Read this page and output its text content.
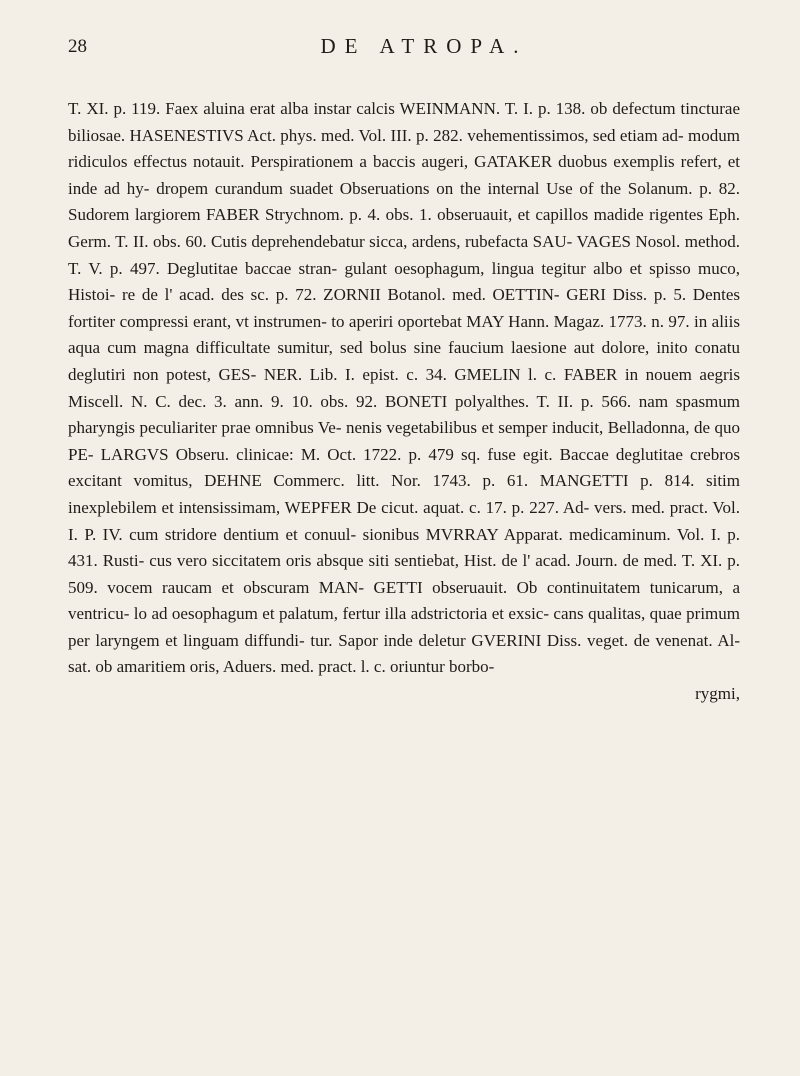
28	DE ATROPA.

T. XI. p. 119. Faex aluina erat alba instar calcis WEINMANN. T. I. p. 138. ob defectum tincturae biliosae. HASENESTIVS Act. phys. med. Vol. III. p. 282. vehementissimos, sed etiam ad- modum ridiculos effectus notauit. Perspirationem a baccis augeri, GATAKER duobus exemplis refert, et inde ad hy- dropem curandum suadet Obseruations on the internal Use of the Solanum. p. 82. Sudorem largiorem FABER Strychnom. p. 4. obs. 1. obseruauit, et capillos madide rigentes Eph. Germ. T. II. obs. 60. Cutis deprehendebatur sicca, ardens, rubefacta SAU- VAGES Nosol. method. T. V. p. 497. Deglutitae baccae stran- gulant oesophagum, lingua tegitur albo et spisso muco, Histoi- re de l' acad. des sc. p. 72. ZORNII Botanol. med. OETTIN- GERI Diss. p. 5. Dentes fortiter compressi erant, vt instrumen- to aperiri oportebat MAY Hann. Magaz. 1773. n. 97. in aliis aqua cum magna difficultate sumitur, sed bolus sine faucium laesione aut dolore, inito conatu deglutiri non potest, GES- NER. Lib. I. epist. c. 34. GMELIN l. c. FABER in nouem aegris Miscell. N. C. dec. 3. ann. 9. 10. obs. 92. BONETI polyalthes. T. II. p. 566. nam spasmum pharyngis peculiariter prae omnibus Ve- nenis vegetabilibus et semper inducit, Belladonna, de quo PE- LARGVS Obseru. clinicae: M. Oct. 1722. p. 479 sq. fuse egit. Baccae deglutitae crebros excitant vomitus, DEHNE Commerc. litt. Nor. 1743. p. 61. MANGETTI p. 814. sitim inexplebilem et intensissimam, WEPFER De cicut. aquat. c. 17. p. 227. Ad- vers. med. pract. Vol. I. P. IV. cum stridore dentium et conuul- sionibus MVRRAY Apparat. medicaminum. Vol. I. p. 431. Rusti- cus vero siccitatem oris absque siti sentiebat, Hist. de l' acad. Journ. de med. T. XI. p. 509. vocem raucam et obscuram MAN- GETTI obseruauit. Ob continuitatem tunicarum, a ventricu- lo ad oesophagum et palatum, fertur illa adstrictoria et exsic- cans qualitas, quae primum per laryngem et linguam diffundi- tur. Sapor inde deletur GVERINI Diss. veget. de venenat. Al- sat. ob amaritiem oris, Aduers. med. pract. l. c. oriuntur borbo-

rygmi,
